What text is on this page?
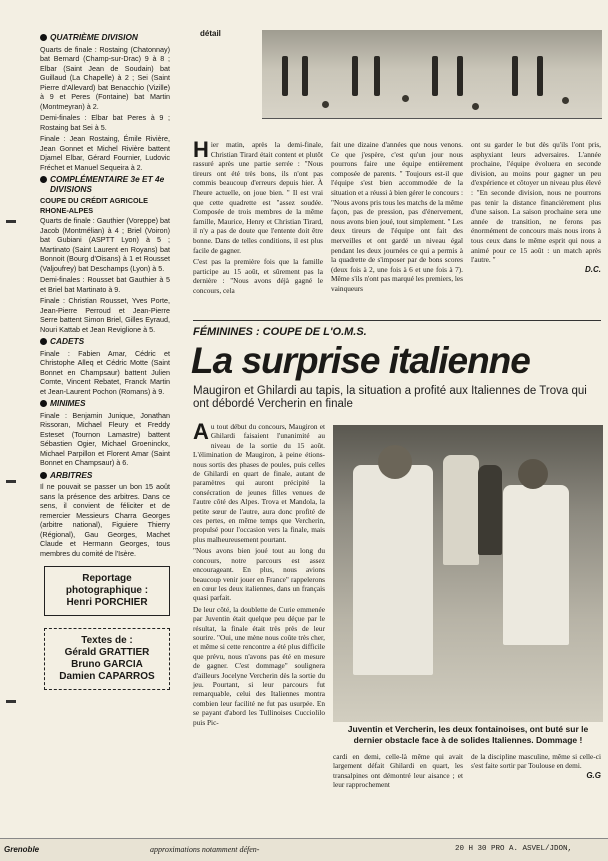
QUATRIÈME DIVISION

Quarts de finale : Rostaing (Chatonnay) bat Bernard (Champ-sur-Drac) 9 à 8 ; Elbar (Saint Jean de Soudain) bat Guillaud (La Chapelle) à 2 ; Sei (Saint Pierre d'Allevard) bat Benacchio (Vizille) à 9 et Peres (Fontaine) bat Martin (Montmeyran) à 2.

Demi-finales : Elbar bat Peres à 9 ; Rostaing bat Sei à 5.

Finale : Jean Rostaing, Émile Rivière, Jean Gonnet et Michel Rivière battent Djamel Elbar, Gérard Fournier, Ludovic Fréchet et Manuel Sequeira à 2.

COMPLÉMENTAIRE 3e ET 4e DIVISIONS
COUPE DU CRÉDIT AGRICOLE RHONE-ALPES

Quarts de finale : Gauthier (Voreppe) bat Jacob (Montmélian) à 4 ; Briel (Voiron) bat Gubiani (ASPTT Lyon) à 5 ; Martinato (Saint Laurent en Royans) bat Bonnoit (Bourg d'Oisans) à 1 et Rousset (Valjoufrey) bat Deschamps (Lyon) à 5.

Demi-finales : Rousset bat Gauthier à 5 et Briel bat Martinato à 9.

Finale : Christian Rousset, Yves Porte, Jean-Pierre Perroud et Jean-Pierre Serre battent Simon Briel, Gilles Eyraud, Nouri Kattab et Jean Reviglione à 5.

CADETS

Finale : Fabien Amar, Cédric et Christophe Alleq et Cédric Motte (Saint Bonnet en Champsaur) battent Julien Comte, Vincent Rebatet, Franck Martin et Jean-Laurent Pochon (Romans) à 9.

MINIMES

Finale : Benjamin Junique, Jonathan Rissoran, Michael Fleury et Freddy Esteset (Tournon Lamastre) battent Sébastien Ogier, Michael Groeninckx, Michael Parpillon et Florent Amar (Saint Bonnet en Champsaur) à 6.

ARBITRES

Il ne pouvait se passer un bon 15 août sans la présence des arbitres. Dans ce sens, il convient de féliciter et de remercier Messieurs Charra Georges (arbitre national), Figuiere Thierry (Régional), Gau Georges, Machet Claude et Hermann Georges, tous membres du comité de l'Isère.

Reportage
photographique :
Henri PORCHIER
Textes de :
Gérald GRATTIER
Bruno GARCIA
Damien CAPARROS
détail
Hier matin, après la demi-finale, Christian Tirard était content et plutôt rassuré après une partie serrée : "Nous tireurs ont été très bons, ils n'ont pas commis beaucoup d'erreurs depuis hier. À l'heure actuelle, on joue bien. " Il est vrai que cette quadrette est "assez soudée. Composée de trois membres de la même famille, Maurice, Henry et Christian Tirard, il n'y a pas de doute que l'entente doit être bonne. Dans de telles conditions, il est plus facile de gagner.

C'est pas la première fois que la famille participe au 15 août, et sûrement pas la dernière : "Nous avons déjà gagné le concours, cela

fait une dizaine d'années que nous venons. Ce que j'espère, c'est qu'un jour nous pourrons faire une équipe entièrement composée de parents. " Toujours est-il que l'équipe s'est bien accommodée de la situation et a réussi à bien gérer le concours : "Nous avons pris tous les matchs de la même façon, pas de pression, pas d'énervement, nous avons bien joué, tout simplement. " Les deux tireurs de l'équipe ont fait des merveilles et ont gardé un niveau égal pendant les deux journées ce qui a permis à la quadrette de s'imposer par de bons scores (deux fois à 2, une fois à 6 et une fois à 7). Même s'ils n'ont pas marqué les premiers, les vainqueurs
ont su garder le but dès qu'ils l'ont pris, asphyxiant leurs adversaires. L'année prochaine, l'équipe évoluera en seconde division, au moins pour gagner un peu d'expérience et côtoyer un niveau plus élevé : "En seconde division, nous ne pourrons pas tenir la distance financièrement plus d'une saison. La saison prochaine sera une année de transition, ne ferons pas énormément de concours mais nous irons à tous ceux dans le même esprit qui nous a animé pour ce 15 août : un match après l'autre. "
D.C.
FÉMININES : COUPE DE L'O.M.S.
La surprise italienne
Maugiron et Ghilardi au tapis, la situation a profité aux Italiennes de Trova qui ont débordé Vercherin en finale
Au tout début du concours, Maugiron et Ghilardi faisaient l'unanimité au niveau de la sortie du 15 août. L'élimination de Maugiron, à peine étions-nous sortis des phases de poules, puis celles de Ghilardi en quart de finale, autant de paramètres qui auront précipité la consécration de jeunes filles venues de l'autre côté des Alpes. Trova et Mandola, la petite sœur de l'autre, aura donc profité de ces pertes, en même temps que Vercherin, propulsé pour l'occasion vers la finale, mais plus malheureusement pourtant.

"Nous avons bien joué tout au long du concours, notre parcours est assez encourageant. En plus, nous avions beaucoup venir jouer en France" rappelerons en cœur les deux italiennes, dans un français quasi parfait.

De leur côté, la doublette de Curie emmenée par Juventin était quelque peu déçue par le résultat, la finale était très près de leur sourire. "Oui, une mène nous coûte très cher, et même si cette rencontre a été plus difficile que prévu, nous n'avons pas été en mesure de gagner. C'est dommage" soulignera d'ailleurs Jocelyne Vercherin dès la sortie du jeu. Pourtant, si leur parcours fut remarquable, celui des Italiennes montra combien leur facilité ne fut pas usurpée. En se payant d'abord les Tullinoises Cucciolilo puis Pic-

Juventin et Vercherin, les deux fontainoises, ont buté sur le dernier obstacle face à de solides Italiennes. Dommage !
cardi en demi, celle-là même qui avait largement défait Ghilardi en quart, les transalpines ont démontré leur aisance ; et leur rapprochement
de la discipline masculine, même si celle-ci s'est faite sortir par Toulouse en demi.
G.G
Grenoble	approximations notamment défen-	20 H 30 PRO A. ASVEL/JDON,
